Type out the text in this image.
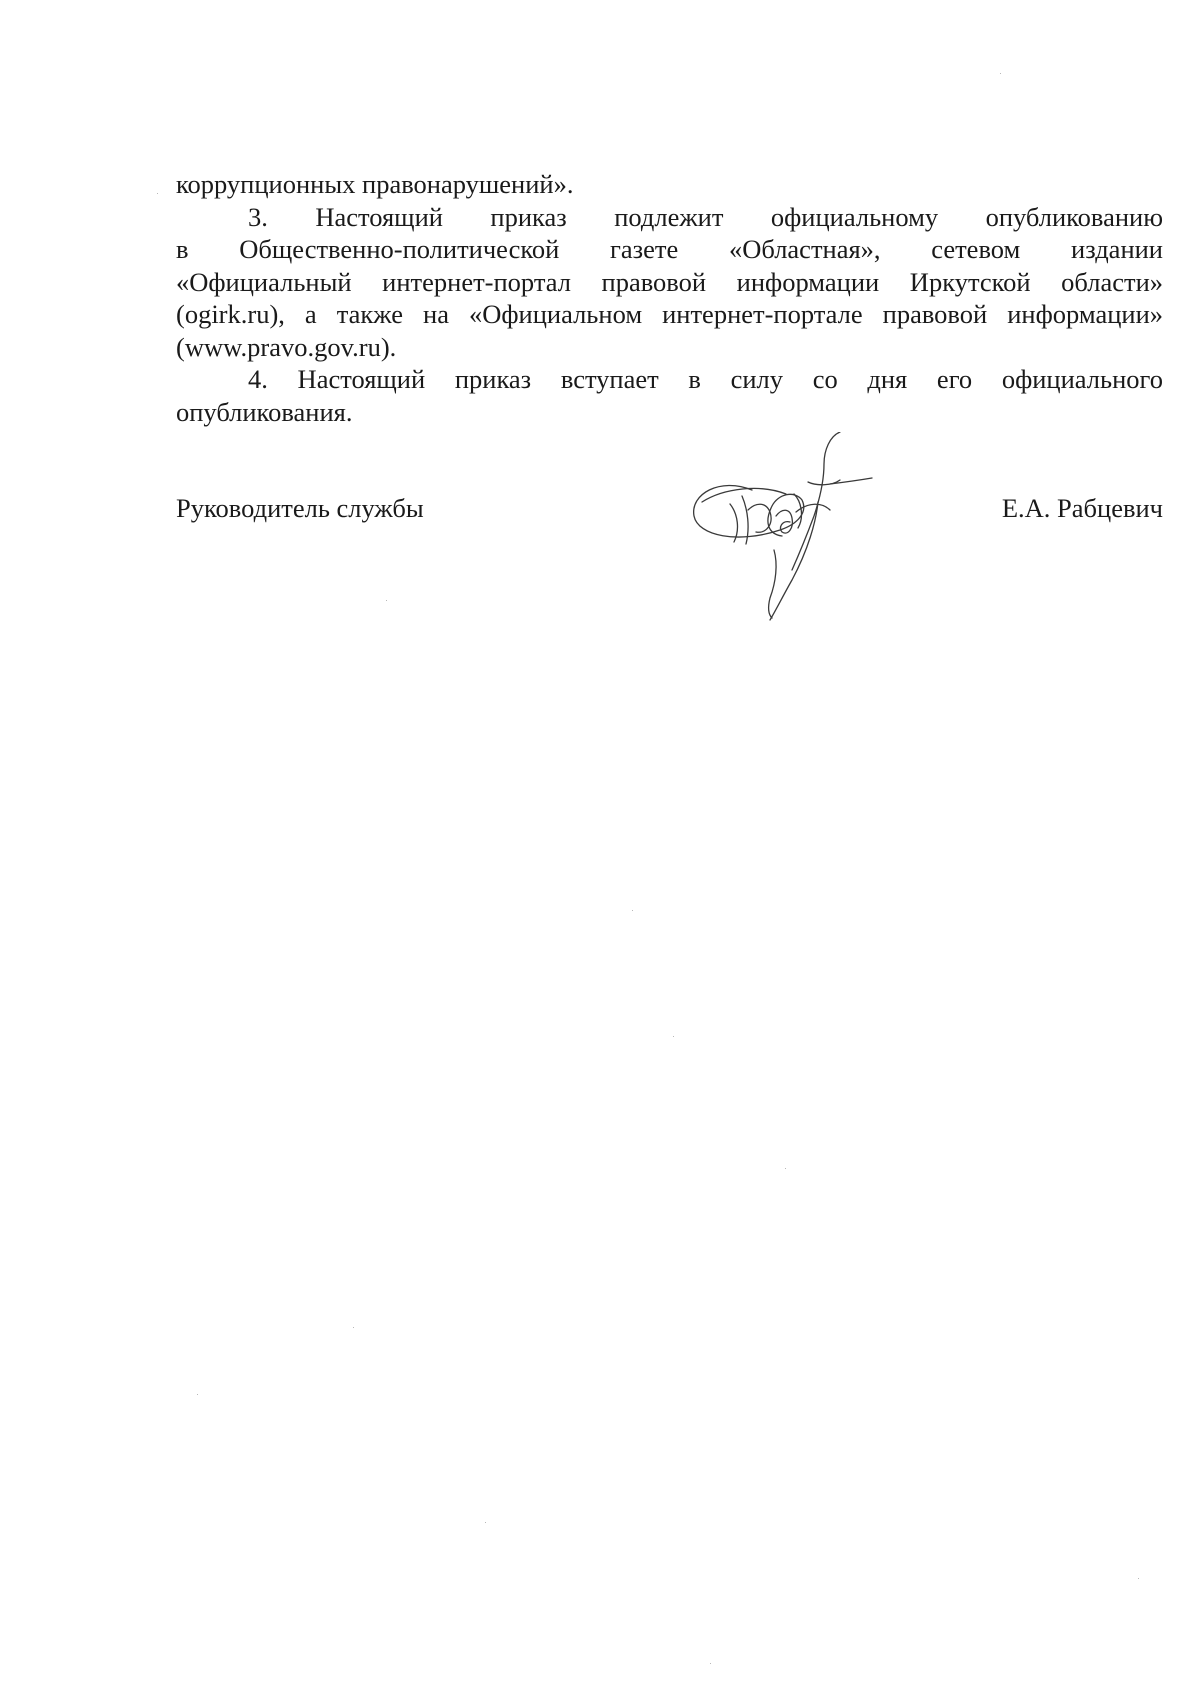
коррупционных правонарушений».

3. Настоящий приказ подлежит официальному опубликованию
в Общественно-политической газете «Областная», сетевом издании
«Официальный интернет-портал правовой информации Иркутской области»
(ogirk.ru), а также на «Официальном интернет-портале правовой информации»
(www.pravo.gov.ru).

4. Настоящий приказ вступает в силу со дня его официального
опубликования.

Руководитель службы	Е.А. Рабцевич
